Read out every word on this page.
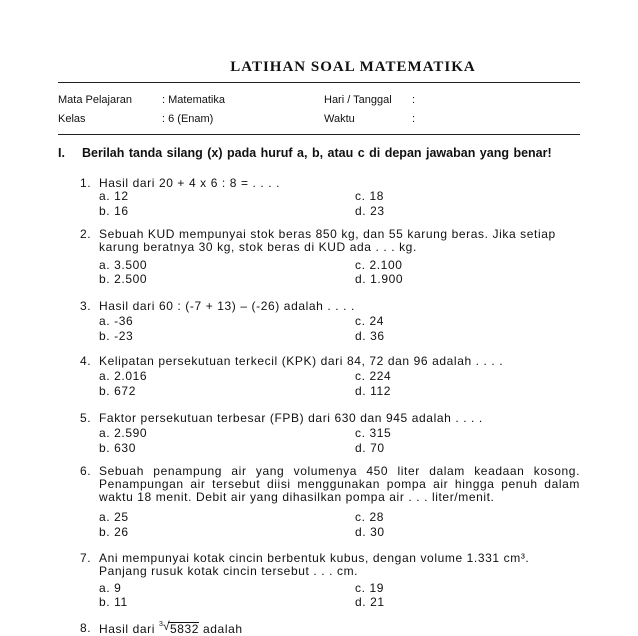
LATIHAN SOAL MATEMATIKA
Mata Pelajaran	: Matematika	Hari / Tanggal :
Kelas	: 6 (Enam)	Waktu	:
I. Berilah tanda silang (x) pada huruf a, b, atau c di depan jawaban yang benar!
1. Hasil dari 20 + 4 x 6 : 8 = . . . .
a. 12	c. 18
b. 16	d. 23
2. Sebuah KUD mempunyai stok beras 850 kg, dan 55 karung beras. Jika setiap karung beratnya 30 kg, stok beras di KUD ada . . . kg.
a. 3.500	c. 2.100
b. 2.500	d. 1.900
3. Hasil dari 60 : (-7 + 13) – (-26) adalah . . . .
a. -36	c. 24
b. -23	d. 36
4. Kelipatan persekutuan terkecil (KPK) dari 84, 72 dan 96 adalah . . . .
a. 2.016	c. 224
b. 672	d. 112
5. Faktor persekutuan terbesar (FPB) dari 630 dan 945 adalah . . . .
a. 2.590	c. 315
b. 630	d. 70
6. Sebuah penampung air yang volumenya 450 liter dalam keadaan kosong. Penampungan air tersebut diisi menggunakan pompa air hingga penuh dalam waktu 18 menit. Debit air yang dihasilkan pompa air . . . liter/menit.
a. 25	c. 28
b. 26	d. 30
7. Ani mempunyai kotak cincin berbentuk kubus, dengan volume 1.331 cm³. Panjang rusuk kotak cincin tersebut . . . cm.
a. 9	c. 19
b. 11	d. 21
8. Hasil dari 3 √ 5832 adalah
